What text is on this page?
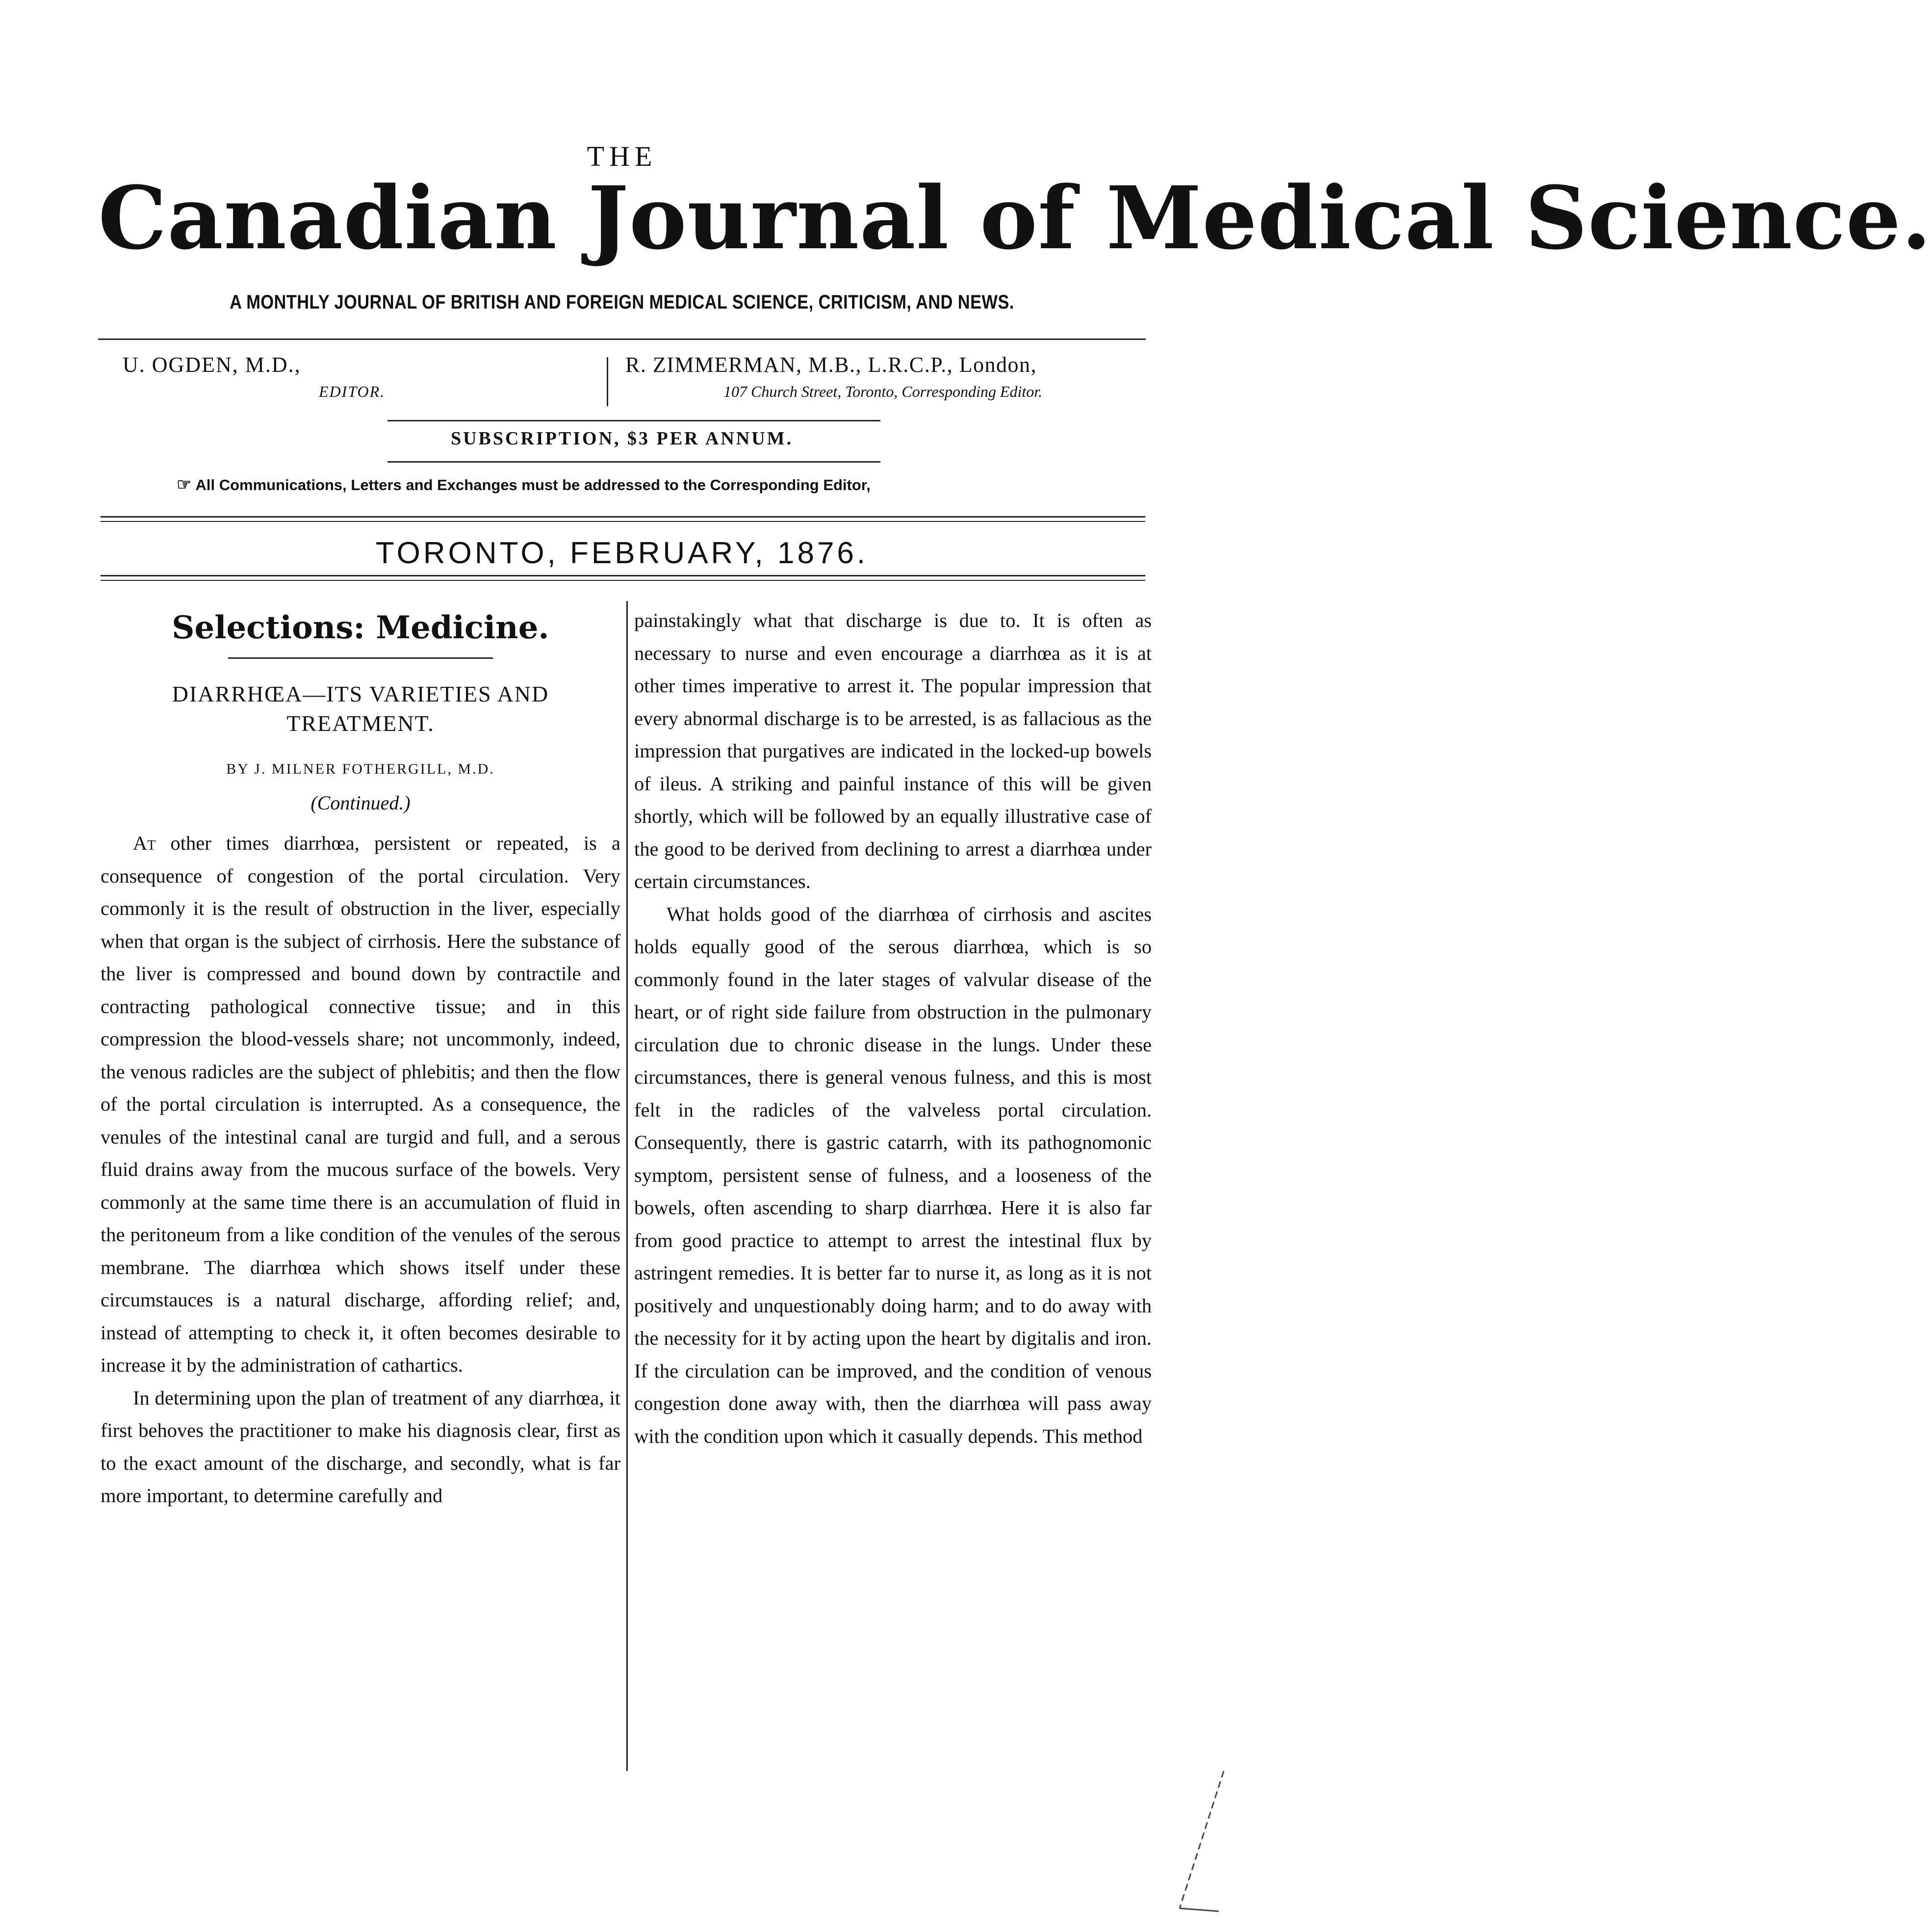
THE
Canadian Journal of Medical Science.
A MONTHLY JOURNAL OF BRITISH AND FOREIGN MEDICAL SCIENCE, CRITICISM, AND NEWS.
U. OGDEN, M.D.,
EDITOR.
R. ZIMMERMAN, M.B., L.R.C.P., London,
107 Church Street, Toronto, Corresponding Editor.
SUBSCRIPTION, $3 PER ANNUM.
☞ All Communications, Letters and Exchanges must be addressed to the Corresponding Editor,
TORONTO, FEBRUARY, 1876.
Selections: Medicine.
DIARRHŒA—ITS VARIETIES AND TREATMENT.
BY J. MILNER FOTHERGILL, M.D.
(Continued.)

At other times diarrhœa, persistent or repeated, is a consequence of congestion of the portal circulation. Very commonly it is the result of obstruction in the liver, especially when that organ is the subject of cirrhosis. Here the substance of the liver is compressed and bound down by contractile and contracting pathological connective tissue; and in this compression the blood-vessels share; not uncommonly, indeed, the venous radicles are the subject of phlebitis; and then the flow of the portal circulation is interrupted. As a consequence, the venules of the intestinal canal are turgid and full, and a serous fluid drains away from the mucous surface of the bowels. Very commonly at the same time there is an accumulation of fluid in the peritoneum from a like condition of the venules of the serous membrane. The diarrhœa which shows itself under these circumstauces is a natural discharge, affording relief; and, instead of attempting to check it, it often becomes desirable to increase it by the administration of cathartics.

In determining upon the plan of treatment of any diarrhœa, it first behoves the practitioner to make his diagnosis clear, first as to the exact amount of the discharge, and secondly, what is far more important, to determine carefully and

painstakingly what that discharge is due to. It is often as necessary to nurse and even encourage a diarrhœa as it is at other times imperative to arrest it. The popular impression that every abnormal discharge is to be arrested, is as fallacious as the impression that purgatives are indicated in the locked-up bowels of ileus. A striking and painful instance of this will be given shortly, which will be followed by an equally illustrative case of the good to be derived from declining to arrest a diarrhœa under certain circumstances.

What holds good of the diarrhœa of cirrhosis and ascites holds equally good of the serous diarrhœa, which is so commonly found in the later stages of valvular disease of the heart, or of right side failure from obstruction in the pulmonary circulation due to chronic disease in the lungs. Under these circumstances, there is general venous fulness, and this is most felt in the radicles of the valveless portal circulation. Consequently, there is gastric catarrh, with its pathognomonic symptom, persistent sense of fulness, and a looseness of the bowels, often ascending to sharp diarrhœa. Here it is also far from good practice to attempt to arrest the intestinal flux by astringent remedies. It is better far to nurse it, as long as it is not positively and unquestionably doing harm; and to do away with the necessity for it by acting upon the heart by digitalis and iron. If the circulation can be improved, and the condition of venous congestion done away with, then the diarrhœa will pass away with the condition upon which it casually depends. This method
